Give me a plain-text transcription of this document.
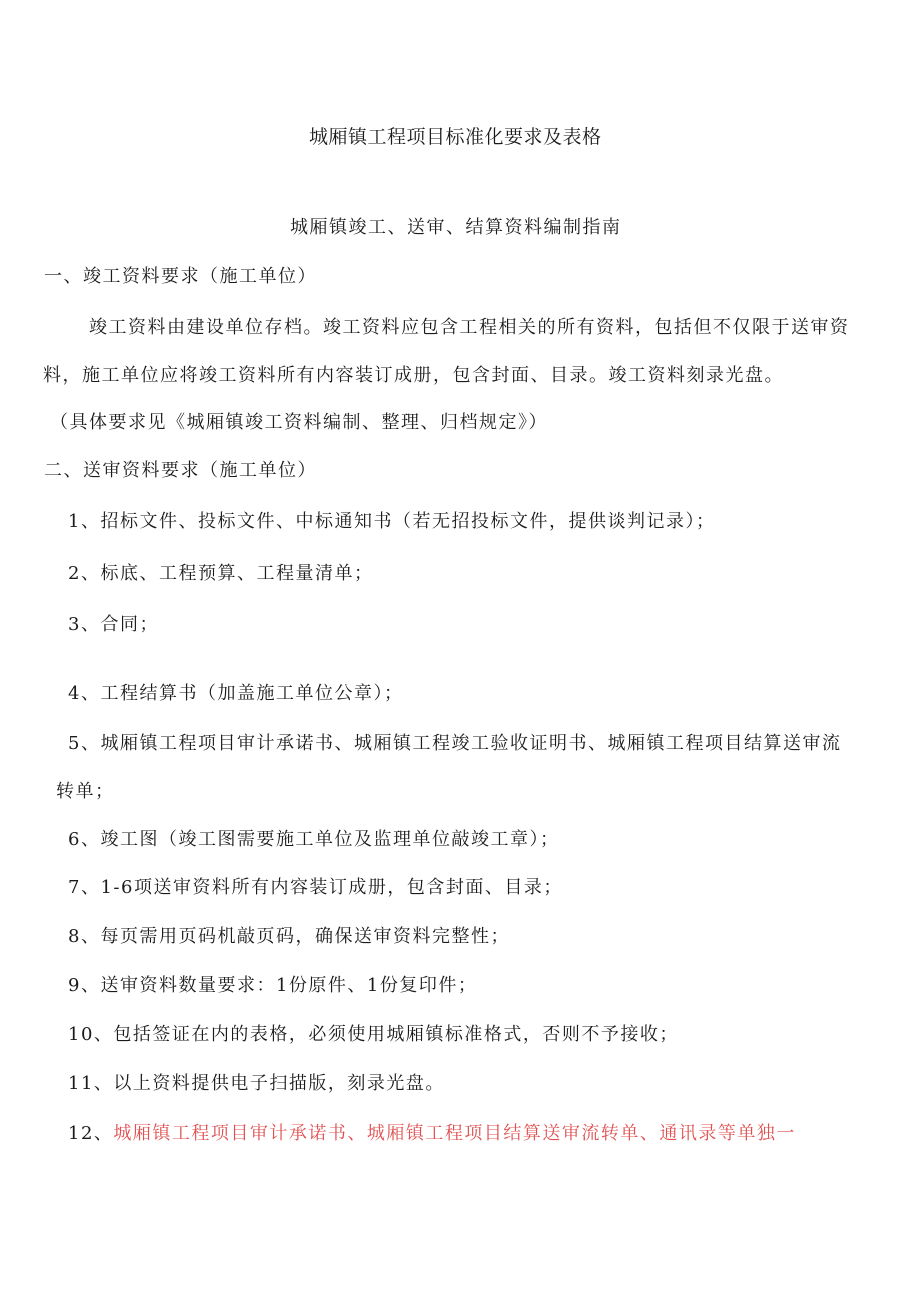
城厢镇工程项目标准化要求及表格
城厢镇竣工、送审、结算资料编制指南
一、竣工资料要求（施工单位）
竣工资料由建设单位存档。竣工资料应包含工程相关的所有资料，包括但不仅限于送审资
料，施工单位应将竣工资料所有内容装订成册，包含封面、目录。竣工资料刻录光盘。
（具体要求见《城厢镇竣工资料编制、整理、归档规定》）
二、送审资料要求（施工单位）
1、招标文件、投标文件、中标通知书（若无招投标文件，提供谈判记录）；
2、标底、工程预算、工程量清单；
3、合同；
4、工程结算书（加盖施工单位公章）；
5、城厢镇工程项目审计承诺书、城厢镇工程竣工验收证明书、城厢镇工程项目结算送审流
转单；
6、竣工图（竣工图需要施工单位及监理单位敲竣工章）；
7、1-6项送审资料所有内容装订成册，包含封面、目录；
8、每页需用页码机敲页码，确保送审资料完整性；
9、送审资料数量要求：1份原件、1份复印件；
10、包括签证在内的表格，必须使用城厢镇标准格式，否则不予接收；
11、以上资料提供电子扫描版，刻录光盘。
12、城厢镇工程项目审计承诺书、城厢镇工程项目结算送审流转单、通讯录等单独一
